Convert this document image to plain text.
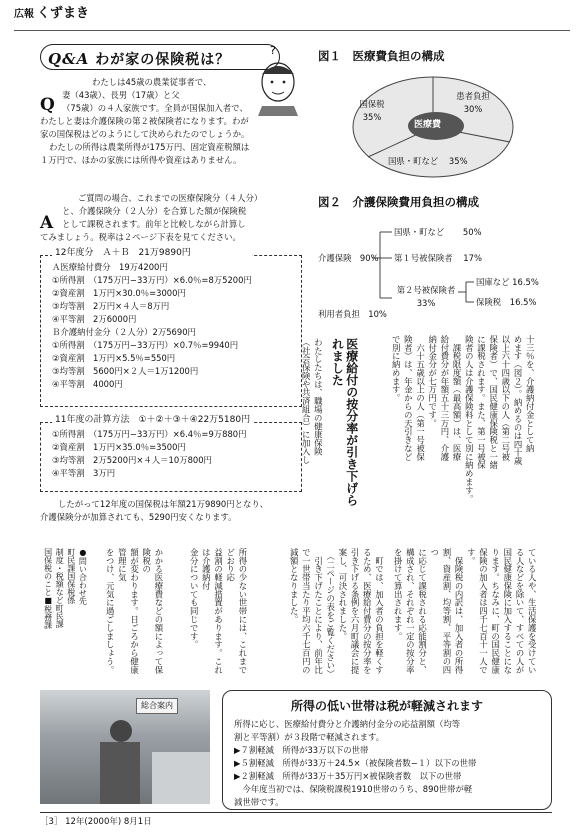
広報 くずまき
Q&A わが家の保険税は？
?
Q

わたしは45歳の農業従事者で、

妻（43歳）、長男（17歳）と父

（75歳）の４人家族です。全員が国保加入者で、

わたしと妻は介護保険の第２被保険者になります。わが

家の国保税はどのようにして決められたのでしょうか。

わたしの所得は農業所得が175万円、固定資産税額は

１万円で、ほかの家族には所得や資産はありません。

A

ご質問の場合、これまでの医療保険分（４人分）

と、介護保険分（２人分）を合算した額が保険税

として課税されます。前年と比較しながら計算し

てみましょう。税率は２ページ下表を見てください。

12年度分　Ａ＋Ｂ　21万9890円

Ａ医療給付費分　19万4200円

①所得割　（175万円−33万円）×6.0％=8万5200円

②資産割　1万円×30.0％=3000円

③均等割　2万円×４人＝8万円

④平等割　2万6000円

Ｂ介護納付金分（２人分）2万5690円

①所得割　（175万円−33万円）×0.7％=9940円

②資産割　1万円×5.5％=550円

③均等割　5600円×２人＝1万1200円

④平等割　4000円

11年度の計算方法　①＋②＋③＋④22万5180円

①所得割　（175万円−33万円）×6.4％=9万880円

②資産割　1万円×35.0％=3500円

③均等割　2万5200円×４人＝10万800円

④平等割　3万円

したがって12年度の国保税は年額21万9890円となり、

介護保険分が加算されても、5290円安くなります。

図１　医療費負担の構成
医療費
国保税
35%
患者負担
30%
国県・町など 35%
図２　介護保険費用負担の構成
介護保険　90%
利用者負担　10%
国県・町など 50%
第１号被保険者 17%
第２号被保険者
33%
国庫など 16.5%
保険税 16.5%
十三％を、介護納付金として納
めます（図２）。納めるのは四十歳
以上六十四歳以下の人（第二号被
保険者）で、国民健康保険税と一緒
に課税されます。また、第一号被保
険者の人は介護保険料として別に納めます。
　課税限度額（最高額）は、医療
給付費分が年額五十三万円、介護
納付金分が七万円です。
　六十五歳以上の人（第一号被保
険者）は、年金からの天引きなど
で別に納めます。
医療給付の按分率が引き下げられました
わたしたちは、職場の健康保険
（社会保険や共済組合）に加入し
ている人や、生活保護を受けてい
る人などを除いて、すべての人が
国民健康保険に加入することにな
ります。ちなみに、町の国民健康
保険の加入者は四千七百十一人です。
　保険税の内訳は、加入者の所得
割、資産割、均等割、平等割の四つ
に応じて課税される応能割分と、
構成され、それぞれ一定の按分率
を掛けて算出されます。
　町では、加入者の負担を軽くす
るため、医療給付費分の按分率を
引き下げる条例を六月町議会に提
案し、可決されました。
　（二ページの表をご覧ください）
　引き下げたことにより、前年比
で一世帯当たり平均六千七百円の
減額となりました。
所得の少ない世帯には、これまでどおり応
益割の軽減措置があります。これは介護納付
金分についても同じです。
かかる医療費などの額によって保険税の
額が変わります。日ごろから健康管理に気
をつけ、元気に過ごしましょう。
●問い合わせ先
町民課国保税係
制度・税額など町民課
国保税のこと■税務課
総合案内	所得の低い世帯は税が軽減されます

所得に応じ、医療給付費分と介護納付金分の応益割額（均等

割と平等割）が３段階で軽減されます。

▶７割軽減　所得が33万以下の世帯

▶５割軽減　所得が33万＋24.5×（被保険者数−１）以下の世帯

▶２割軽減　所得が33万＋35万円×被保険者数　以下の世帯

　今年度当初では、保険税課税1910世帯のうち、890世帯が軽

減世帯です。

［3］ 12年(2000年) 8月1日
